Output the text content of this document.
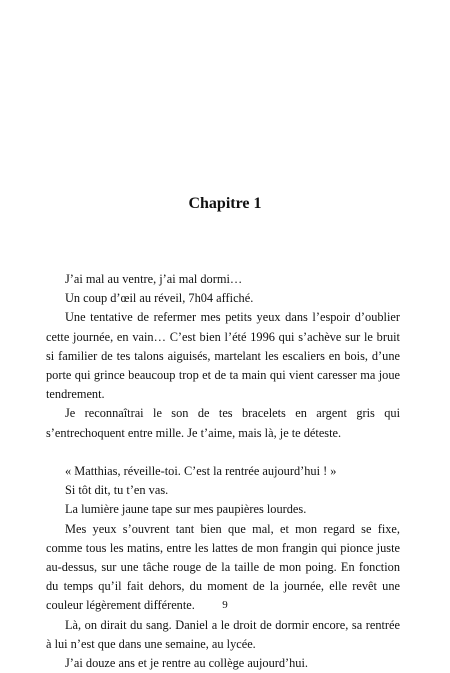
Chapitre 1

J’ai mal au ventre, j’ai mal dormi…

Un coup d’œil au réveil, 7h04 affiché.

Une tentative de refermer mes petits yeux dans l’espoir d’oublier cette journée, en vain… C’est bien l’été 1996 qui s’achève sur le bruit si familier de tes talons aiguisés, martelant les escaliers en bois, d’une porte qui grince beaucoup trop et de ta main qui vient caresser ma joue tendrement.

Je reconnaîtrai le son de tes bracelets en argent gris qui s’entrechoquent entre mille. Je t’aime, mais là, je te déteste.

« Matthias, réveille-toi. C’est la rentrée aujourd’hui ! »

Si tôt dit, tu t’en vas.

La lumière jaune tape sur mes paupières lourdes.

Mes yeux s’ouvrent tant bien que mal, et mon regard se fixe, comme tous les matins, entre les lattes de mon frangin qui pionce juste au-dessus, sur une tâche rouge de la taille de mon poing. En fonction du temps qu’il fait dehors, du moment de la journée, elle revêt une couleur légèrement différente.

Là, on dirait du sang. Daniel a le droit de dormir encore, sa rentrée à lui n’est que dans une semaine, au lycée.

J’ai douze ans et je rentre au collège aujourd’hui.

9
